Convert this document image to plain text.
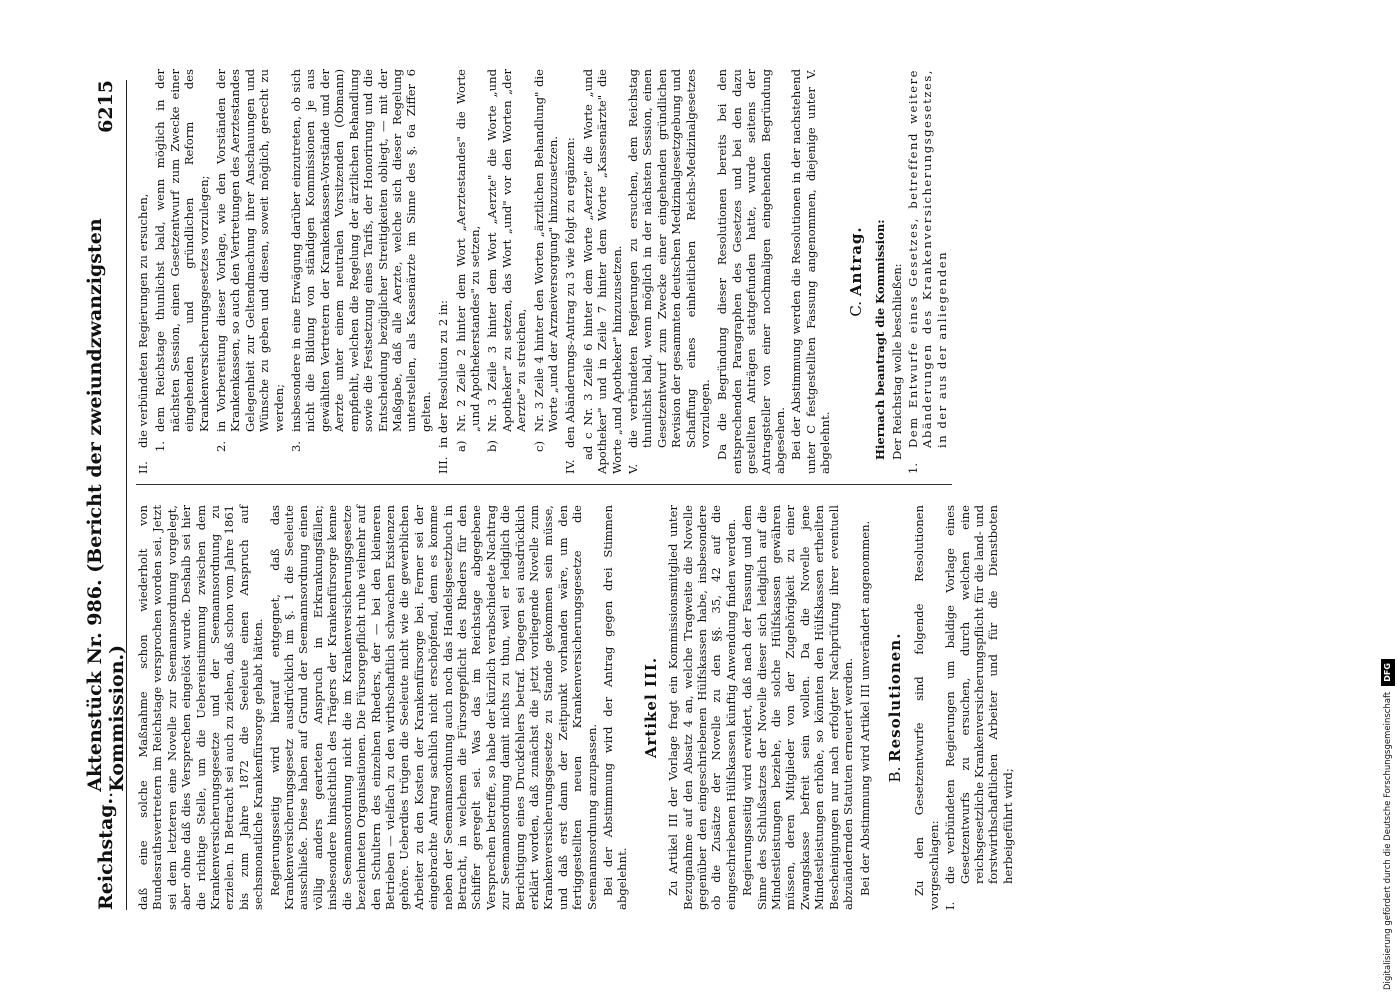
Reichstag.
.
Aktenstück Nr. 986. (Bericht der zweiundzwanzigsten Kommission.)
6215

daß eine solche Maßnahme schon wiederholt von Bundesrathsvertretern im Reichstage versprochen worden sei. Jetzt sei dem letzteren eine Novelle zur Seemannsordnung vorgelegt, aber ohne daß dies Versprechen eingelöst wurde. Deshalb sei hier die richtige Stelle, um die Uebereinstimmung zwischen dem Krankenversicherungsgesetze und der Seemannsordnung zu erzielen. In Betracht sei auch zu ziehen, daß schon vom Jahre 1861 bis zum Jahre 1872 die Seeleute einen Anspruch auf sechsmonatliche Krankenfürsorge gehabt hätten. Regierungsseitig wird hierauf entgegnet, daß das Krankenversicherungsgesetz ausdrücklich im §. 1 die Seeleute ausschließe. Diese haben auf Grund der Seemannsordnung einen völlig anders gearteten Anspruch in Erkrankungsfällen; insbesondere hinsichtlich des Trägers der Krankenfürsorge kenne die Seemannsordnung nicht die im Krankenversicherungsgesetze bezeichneten Organisationen. Die Fürsorgepflicht ruhe vielmehr auf den Schultern des einzelnen Rheders, der — bei den kleineren Betrieben — vielfach zu den wirthschaftlich schwachen Existenzen gehöre. Ueberdies trügen die Seeleute nicht wie die gewerblichen Arbeiter zu den Kosten der Krankenfürsorge bei. Ferner sei der eingebrachte Antrag sachlich nicht erschöpfend, denn es komme neben der Seemannsordnung auch noch das Handelsgesetzbuch in Betracht, in welchem die Fürsorgepflicht des Rheders für den Schiffer geregelt sei. Was das im Reichstage abgegebene Versprechen betreffe, so habe der kürzlich verabschiedete Nachtrag zur Seemannsordnung damit nichts zu thun, weil er lediglich die Berichtigung eines Druckfehlers betraf. Dagegen sei ausdrücklich erklärt worden, daß zunächst die jetzt vorliegende Novelle zum Krankenversicherungsgesetze zu Stande gekommen sein müsse, und daß erst dann der Zeitpunkt vorhanden wäre, um den fertiggestellten neuen Krankenversicherungsgesetze die Seemannsordnung anzupassen. Bei der Abstimmung wird der Antrag gegen drei Stimmen abgelehnt.

Artikel III. Zu Artikel III der Vorlage fragt ein Kommissionsmitglied unter Bezugnahme auf den Absatz 4 an, welche Tragweite die Novelle gegenüber den eingeschriebenen Hülfskassen habe, insbesondere ob die Zusätze der Novelle zu den §§. 35, 42 auf die eingeschriebenen Hülfskassen künftig Anwendung finden werden. Regierungsseitig wird erwidert, daß nach der Fassung und dem Sinne des Schlußsatzes der Novelle dieser sich lediglich auf die Mindestleistungen beziehe, die solche Hülfskassen gewähren müssen, deren Mitglieder von der Zugehörigkeit zu einer Zwangskasse befreit sein wollen. Da die Novelle jene Mindestleistungen erhöhe, so könnten den Hülfskassen ertheilten Bescheinigungen nur nach erfolgter Nachprüfung ihrer eventuell abzuändernden Statuten erneuert werden. Bei der Abstimmung wird Artikel III unverändert angenommen. B. Resolutionen. Zu den Gesetzentwurfe sind folgende Resolutionen vorgeschlagen: I.
die verbündeten Regierungen um baldige Vorlage eines Gesetzentwurfs zu ersuchen, durch welchen eine reichsgesetzliche Krankenversicherungspflicht für die land- und forstwirthschaftlichen Arbeiter und für die Dienstboten herbeigeführt wird;
II.
die verbündeten Regierungen zu ersuchen, 1.
dem Reichstage thunlichst bald, wenn möglich in der nächsten Session, einen Gesetzentwurf zum Zwecke einer eingehenden und gründlichen Reform des Krankenversicherungsgesetzes vorzulegen;
2.
in Vorbereitung dieser Vorlage, wie den Vorständen der Krankenkassen, so auch den Vertretungen des Aerztestandes Gelegenheit zur Geltendmachung ihrer Anschauungen und Wünsche zu geben und diesen, soweit möglich, gerecht zu werden;
3.
insbesondere in eine Erwägung darüber einzutreten, ob sich nicht die Bildung von ständigen Kommissionen je aus gewählten Vertretern der Krankenkassen-Vorstände und der Aerzte unter einem neutralen Vorsitzenden (Obmann) empfiehlt, welchen die Regelung der ärztlichen Behandlung sowie die Festsetzung eines Tarifs, der Honorirung und die Entscheidung bezüglicher Streitigkeiten obliegt, — mit der Maßgabe, daß alle Aerzte, welche sich dieser Regelung unterstellen, als Kassenärzte im Sinne des §. 6a Ziffer 6 gelten.
III.
in der Resolution zu 2 in: a)
Nr. 2 Zeile 2 hinter dem Wort „Aerztestandes" die Worte „und Apothekerstandes" zu setzen,
b)
Nr. 3 Zeile 3 hinter dem Wort „Aerzte" die Worte „und Apotheker" zu setzen, das Wort „und" vor den Worten „der Aerzte" zu streichen,
c)
Nr. 3 Zeile 4 hinter den Worten „ärztlichen Behandlung" die Worte „und der Arzneiversorgung" hinzuzusetzen.
IV.
den Abänderungs-Antrag zu 3 wie folgt zu ergänzen: ad c Nr. 3 Zeile 6 hinter dem Worte „Aerzte" die Worte „und Apotheker" und in Zeile 7 hinter dem Worte „Kassenärzte" die Worte „und Apotheker" hinzuzusetzen. V.
die verbündeten Regierungen zu ersuchen, dem Reichstag thunlichst bald, wenn möglich in der nächsten Session, einen Gesetzentwurf zum Zwecke einer eingehenden gründlichen Revision der gesammten deutschen Medizinalgesetzgebung und Schaffung eines einheitlichen Reichs-Medizinalgesetzes vorzulegen. Da die Begründung dieser Resolutionen bereits bei den entsprechenden Paragraphen des Gesetzes und bei den dazu gestellten Anträgen stattgefunden hatte, wurde seitens der Antragsteller von einer nochmaligen eingehenden Begründung abgesehen. Bei der Abstimmung werden die Resolutionen in der nachstehend unter C festgestellten Fassung angenommen, diejenige unter V. abgelehnt.

C. Antrag. Hiernach beantragt die Kommission: Der Reichstag wolle beschließen:

1.
Dem Entwurfe eines Gesetzes, betreffend weitere Abänderungen des Krankenversicherungsgesetzes, in der aus der anliegenden
Digitalisierung gefördert durch die Deutsche Forschungsgemeinschaft
DFG
